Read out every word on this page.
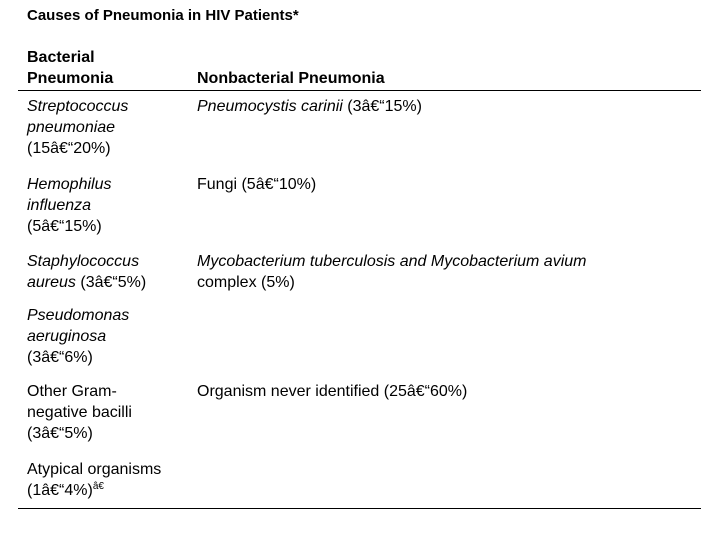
Causes of Pneumonia in HIV Patients*
Bacterial
Pneumonia	Nonbacterial Pneumonia
Streptococcus
pneumoniae
(15â€“20%)
Pneumocystis carinii (3â€“15%)
Hemophilus
influenza
(5â€“15%)
Fungi (5â€“10%)
Staphylococcus
aureus (3â€“5%)
Mycobacterium tuberculosis and Mycobacterium avium
complex (5%)
Pseudomonas
aeruginosa
(3â€“6%)
Other Gram-
negative bacilli
(3â€“5%)
Organism never identified (25â€“60%)
Atypical organisms
(1â€“4%)$^{â€}$
